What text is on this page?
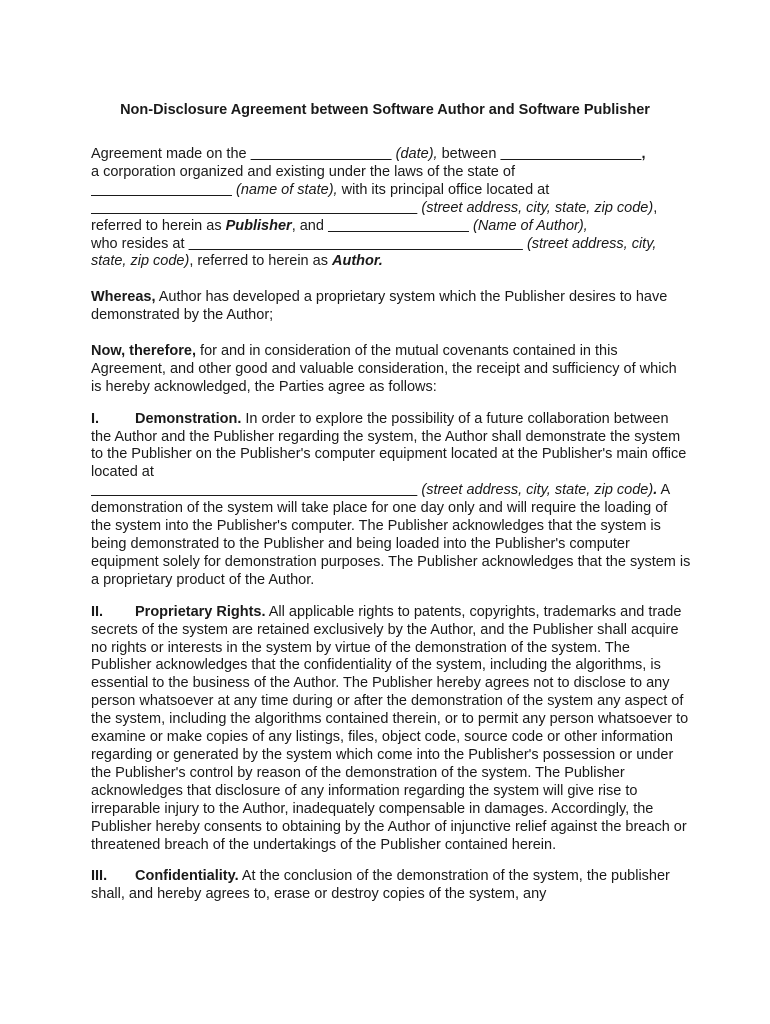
Non-Disclosure Agreement between Software Author and Software Publisher

Agreement made on the	(date), between	,
a corporation organized and existing under the laws of the state of
(name of state), with its principal office located at
(street address, city, state, zip code), referred to herein as Publisher, and	(Name of Author),
who resides at	(street address, city, state, zip code), referred to herein as Author.

Whereas, Author has developed a proprietary system which the Publisher desires to have demonstrated by the Author;

Now, therefore, for and in consideration of the mutual covenants contained in this Agreement, and other good and valuable consideration, the receipt and sufficiency of which is hereby acknowledged, the Parties agree as follows:

I. Demonstration. In order to explore the possibility of a future collaboration between the Author and the Publisher regarding the system, the Author shall demonstrate the system to the Publisher on the Publisher's computer equipment located at the Publisher's main office located at
(street address, city, state, zip code). A demonstration of the system will take place for one day only and will require the loading of the system into the Publisher's computer. The Publisher acknowledges that the system is being demonstrated to the Publisher and being loaded into the Publisher's computer equipment solely for demonstration purposes. The Publisher acknowledges that the system is a proprietary product of the Author.

II. Proprietary Rights. All applicable rights to patents, copyrights, trademarks and trade secrets of the system are retained exclusively by the Author, and the Publisher shall acquire no rights or interests in the system by virtue of the demonstration of the system. The Publisher acknowledges that the confidentiality of the system, including the algorithms, is essential to the business of the Author. The Publisher hereby agrees not to disclose to any person whatsoever at any time during or after the demonstration of the system any aspect of the system, including the algorithms contained therein, or to permit any person whatsoever to examine or make copies of any listings, files, object code, source code or other information regarding or generated by the system which come into the Publisher's possession or under the Publisher's control by reason of the demonstration of the system. The Publisher acknowledges that disclosure of any information regarding the system will give rise to irreparable injury to the Author, inadequately compensable in damages. Accordingly, the Publisher hereby consents to obtaining by the Author of injunctive relief against the breach or threatened breach of the undertakings of the Publisher contained herein.

III. Confidentiality. At the conclusion of the demonstration of the system, the publisher shall, and hereby agrees to, erase or destroy copies of the system, any
